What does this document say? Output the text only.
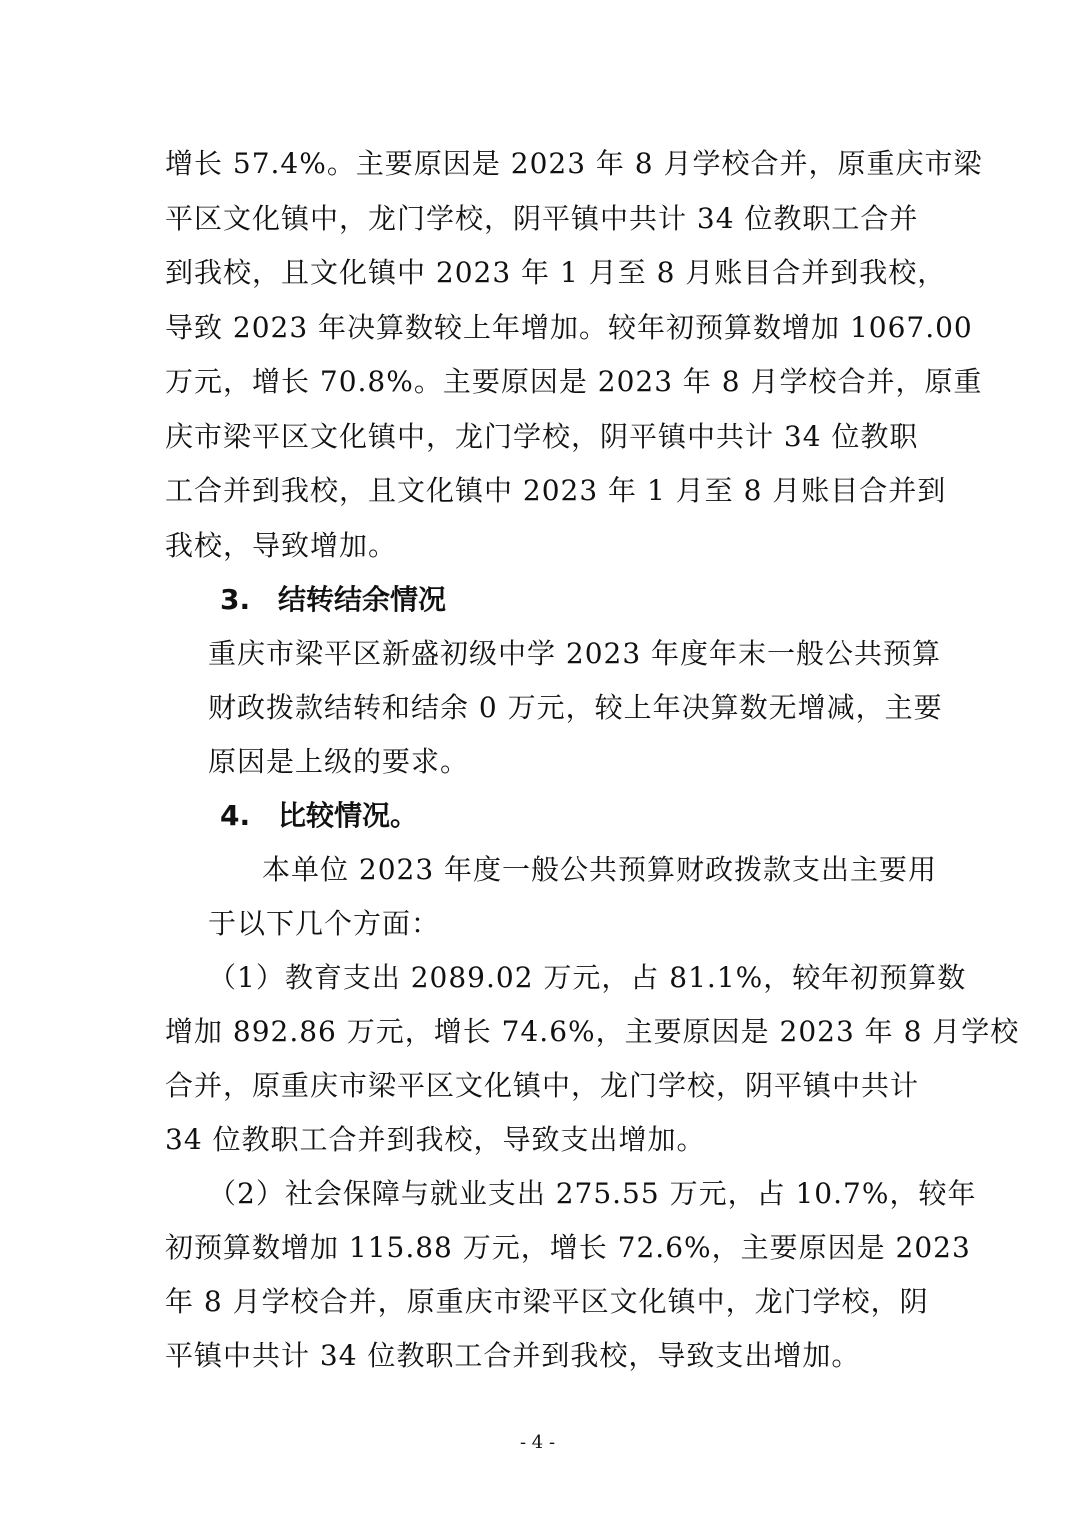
增长 57.4%。主要原因是 2023 年 8 月学校合并，原重庆市梁
平区文化镇中，龙门学校，阴平镇中共计 34 位教职工合并
到我校，且文化镇中 2023 年 1 月至 8 月账目合并到我校，
导致 2023 年决算数较上年增加。较年初预算数增加 1067.00
万元，增长 70.8%。主要原因是 2023 年 8 月学校合并，原重
庆市梁平区文化镇中，龙门学校，阴平镇中共计 34 位教职
工合并到我校，且文化镇中 2023 年 1 月至 8 月账目合并到
我校，导致增加。
3. 结转结余情况
重庆市梁平区新盛初级中学 2023 年度年末一般公共预算
财政拨款结转和结余 0 万元，较上年决算数无增减，主要
原因是上级的要求。
4. 比较情况。
本单位 2023 年度一般公共预算财政拨款支出主要用
于以下几个方面：
（1）教育支出 2089.02 万元，占 81.1%，较年初预算数
增加 892.86 万元，增长 74.6%，主要原因是 2023 年 8 月学校
合并，原重庆市梁平区文化镇中，龙门学校，阴平镇中共计
34 位教职工合并到我校，导致支出增加。
（2）社会保障与就业支出 275.55 万元，占 10.7%，较年
初预算数增加 115.88 万元，增长 72.6%，主要原因是 2023
年 8 月学校合并，原重庆市梁平区文化镇中，龙门学校，阴
平镇中共计 34 位教职工合并到我校，导致支出增加。
- 4 -
